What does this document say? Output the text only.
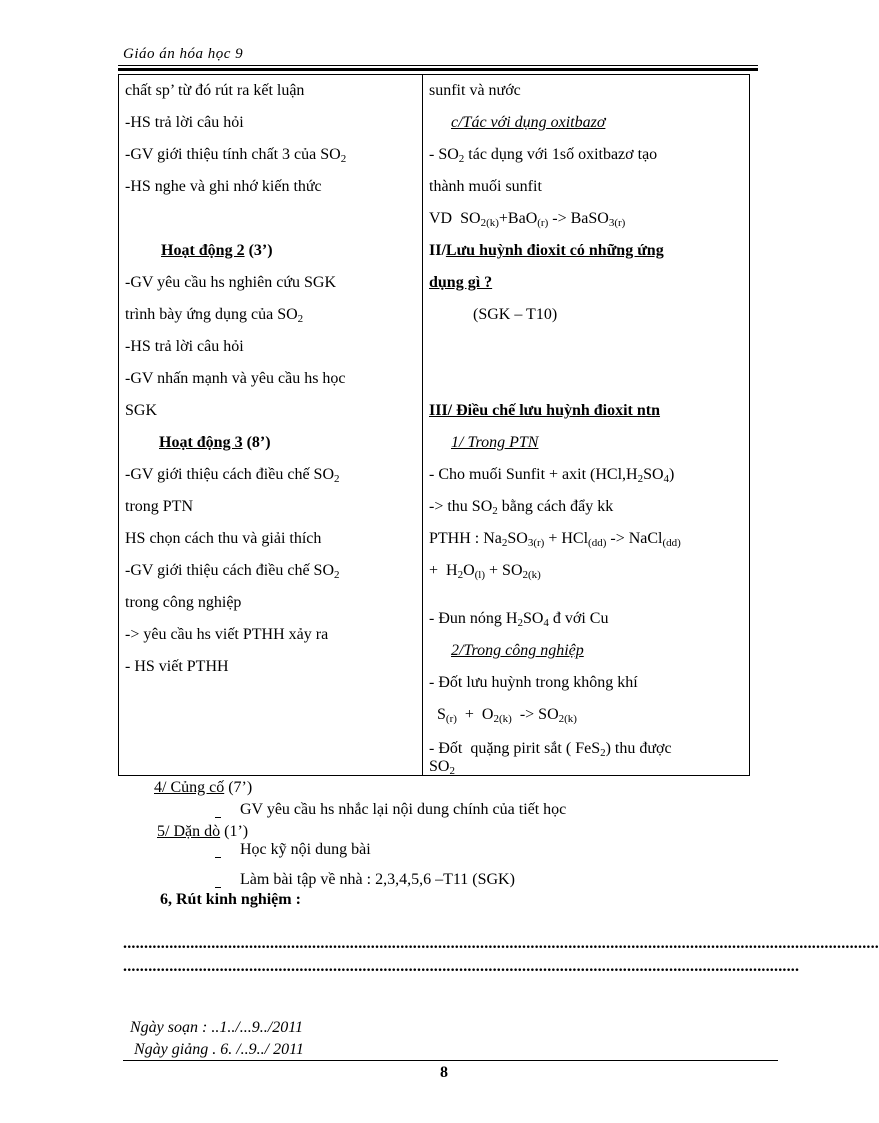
Giáo án hóa học 9
chất sp’ từ đó rút ra kết luận
-HS trả lời câu hỏi
-GV giới thiệu tính chất 3 của $SO_2$
-HS nghe và ghi nhớ kiến thức
Hoạt động 2 (3’)
-GV yêu cầu hs nghiên cứu SGK
trình bày ứng dụng của $SO_2$
-HS trả lời câu hỏi
-GV nhấn mạnh và yêu cầu hs học
SGK
Hoạt động 3 (8’)
-GV giới thiệu cách điều chế $SO_2$
trong PTN
HS chọn cách thu và giải thích
-GV giới thiệu cách điều chế $SO_2$
trong công nghiệp
-> yêu cầu hs viết PTHH xảy ra
- HS viết PTHH
sunfit và nước
c/Tác với dụng oxitbazơ
- $SO_2$ tác dụng với 1số oxitbazơ tạo
thành muối sunfit
VD  $SO_{2(k)}+BaO_{(r)}$ -> BaSO$_{3(r)}$
II/Lưu huỳnh đioxit có những ứng
dụng gì ?
(SGK – T10)
III/ Điều chế lưu huỳnh đioxit ntn
1/ Trong PTN
- Cho muối Sunfit + axit $(HCl,H_2SO_4)$
-> thu $SO_2$ bằng cách đẩy kk
PTHH : $Na_2SO_{3(r)} + HCl_{(dd)}$ -> NaCl$_{(dd)}$
+  $H_2O_{(l)} + SO_{2(k)}$
- Đun nóng $H_2SO_4$ đ với Cu
2/Trong công nghiệp
- Đốt lưu huỳnh trong không khí
$S_{(r)} + O_{2(k)} -> SO_{2(k)}$
- Đốt  quặng pirit sắt ( FeS$_2$) thu được
$SO_2$
4/ Củng cố (7’)
GV yêu cầu hs nhắc lại nội dung chính của tiết học
5/ Dặn dò (1’)
Học kỹ nội dung bài
Làm bài tập về nhà : 2,3,4,5,6 –T11 (SGK)
6, Rút kinh nghiệm :
....................................................................................................................................................................................
.................................................................................................................................................................
Ngày soạn : ..1../...9../2011
Ngày giảng . 6. /..9../ 2011
8
